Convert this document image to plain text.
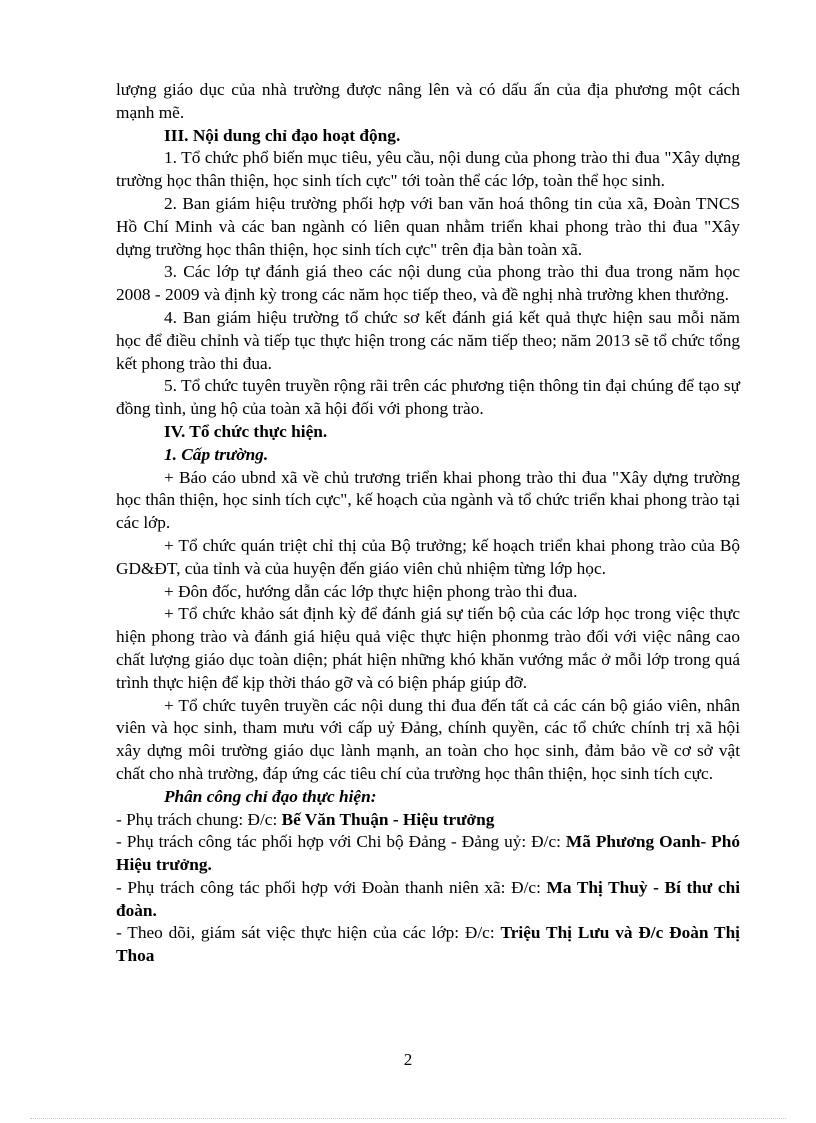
lượng giáo dục của nhà trường được nâng lên và có dấu ấn của địa phương một cách mạnh mẽ.

III. Nội dung chỉ đạo hoạt động.

1. Tổ chức phổ biến mục tiêu, yêu cầu, nội dung của phong trào thi đua "Xây dựng trường học thân thiện, học sinh tích cực" tới toàn thể các lớp, toàn thể học sinh.

2. Ban giám hiệu trường phối hợp với ban văn hoá thông tin của xã, Đoàn TNCS Hồ Chí Minh và các ban ngành có liên quan nhằm triển khai phong trào thi đua "Xây dựng trường học thân thiện, học sinh tích cực" trên địa bàn toàn xã.

3. Các lớp tự đánh giá theo các nội dung của phong trào thi đua trong năm học 2008 - 2009 và định kỳ trong các năm học tiếp theo, và đề nghị nhà trường khen thưởng.

4. Ban giám hiệu trường tổ chức sơ kết đánh giá kết quả thực hiện sau mỗi năm học để điều chỉnh và tiếp tục thực hiện trong các năm tiếp theo; năm 2013 sẽ tổ chức tổng kết phong trào thi đua.

5. Tổ chức tuyên truyền rộng rãi trên các phương tiện thông tin đại chúng để tạo sự đồng tình, ủng hộ của toàn xã hội đối với phong trào.

IV. Tổ chức thực hiện.

1. Cấp trường.

+ Báo cáo ubnd xã về chủ trương triển khai phong trào thi đua "Xây dựng trường học thân thiện, học sinh tích cực", kế hoạch của ngành và tổ chức triển khai phong trào tại các lớp.

+ Tổ chức quán triệt chỉ thị của Bộ trưởng; kế hoạch triển khai phong trào của Bộ GD&ĐT, của tỉnh và của huyện đến giáo viên chủ nhiệm từng lớp học.

+ Đôn đốc, hướng dẫn các lớp thực hiện phong trào thi đua.

+ Tổ chức khảo sát định kỳ để đánh giá sự tiến bộ của các lớp học trong việc thực hiện phong trào và đánh giá hiệu quả việc thực hiện phonmg trào đối với việc nâng cao chất lượng giáo dục toàn diện; phát hiện những khó khăn vướng mắc ở mỗi lớp trong quá trình thực hiện để kịp thời tháo gỡ và có biện pháp giúp đỡ.

+ Tổ chức tuyên truyền các nội dung thi đua đến tất cả các cán bộ giáo viên, nhân viên và học sinh, tham mưu với cấp uỷ Đảng, chính quyền, các tổ chức chính trị xã hội xây dựng môi trường giáo dục lành mạnh, an toàn cho học sinh, đảm bảo về cơ sở vật chất cho nhà trường, đáp ứng các tiêu chí của trường học thân thiện, học sinh tích cực.

Phân công chỉ đạo thực hiện:

- Phụ trách chung: Đ/c: Bế Văn Thuận - Hiệu trưởng

- Phụ trách công tác phối hợp với Chi bộ Đảng - Đảng uỷ: Đ/c: Mã Phương Oanh- Phó Hiệu trưởng.

- Phụ trách công tác phối hợp với Đoàn thanh niên xã: Đ/c: Ma Thị Thuỳ - Bí thư chi đoàn.

- Theo dõi, giám sát việc thực hiện của các lớp: Đ/c: Triệu Thị Lưu và Đ/c Đoàn Thị Thoa

2
